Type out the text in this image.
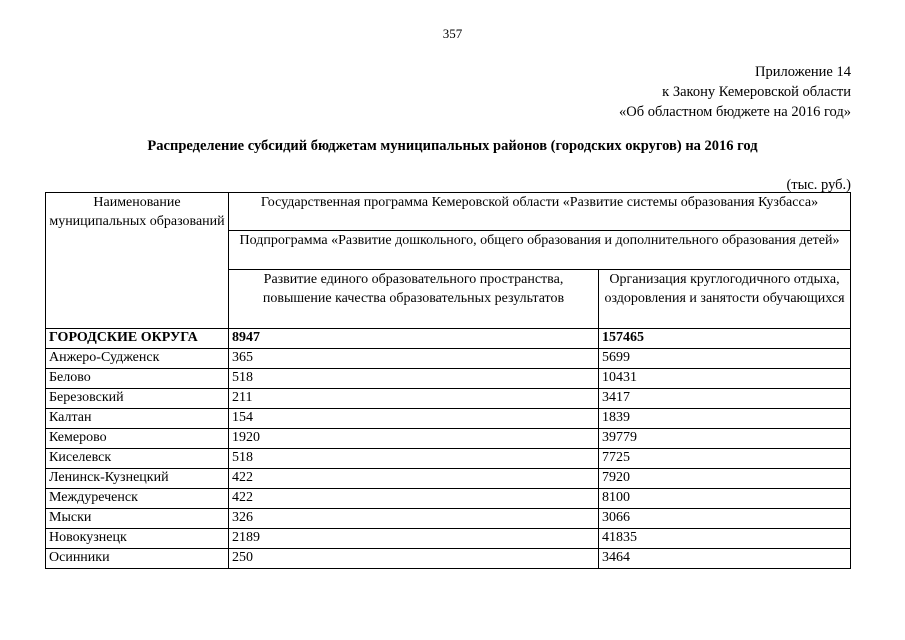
357
Приложение 14
к Закону Кемеровской области
«Об областном бюджете на 2016 год»
Распределение субсидий бюджетам муниципальных районов (городских округов) на 2016 год
(тыс. руб.)
Наименование муниципальных образований	Государственная программа Кемеровской области «Развитие системы образования Кузбасса»	
	Подпрограмма «Развитие дошкольного, общего образования и дополнительного образования детей»	
	Развитие единого образовательного пространства, повышение качества образовательных результатов	Организация круглогодичного отдыха, оздоровления и занятости обучающихся
ГОРОДСКИЕ ОКРУГА	8947	157465
Анжеро-Судженск	365	5699
Белово	518	10431
Березовский	211	3417
Калтан	154	1839
Кемерово	1920	39779
Киселевск	518	7725
Ленинск-Кузнецкий	422	7920
Междуреченск	422	8100
Мыски	326	3066
Новокузнецк	2189	41835
Осинники	250	3464
